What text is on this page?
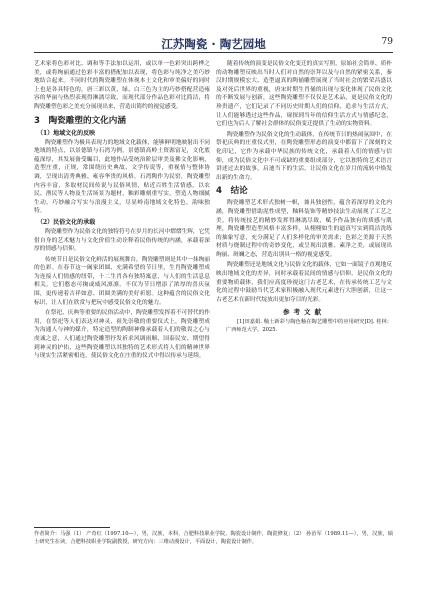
江苏陶瓷 · 陶艺园地	79

艺术家将色彩对比、调和等手法加以运用，或以单一色彩突出跨桦之美，或将绚丽通过色彩丰富的搭配加以表现，将色彩与纯净之美巧妙地结合起来。不同时代的陶瓷雕塑在体现本土文化和审美偏好的同时上也是各具特色的，唐三彩以黄、绿、白三色为主的巧妙搭配营造雍容的华丽与热烈表现得淋漓尽致，而现代部分作品色彩对比简洁，将陶瓷雕塑色彩之美充分展现出来，营造出简约的视觉感受。

3　陶瓷雕塑的文化内涵
（1）地域文化的反映

陶瓷雕塑作为极具表现力的地域文化载体，能够鲜明地映射出不同地域的特点，以景德镇与石湾为例，景德镇高岭土资源富足，文化底蕴深厚，其发展备受瞩目，此地作品受统治阶层审美及佛文化影响，造型庄重，正规，常围绕历史典故、文学传说等，重视情与整体协调，呈现出清秀典雅、雍容华贵的风格。石湾陶作为民窑，陶瓷雕塑内容丰富，多取材民间传说与民俗风情，贴近百姓生活情感，以农民、渔民等人物及生活场景为题材，釉彩雕刻重写实，塑造人物细腻生动，巧妙融合写实与浪漫主义，尽显岭南地域文化特色，韵味独特。

（2）民俗文化的承载

陶瓷雕塑作为民俗文化的独特符号在岁月的长河中熠熠生辉，它凭借自身的艺术魅力与文化价值生动诠释着民俗传统的内涵，承载着深厚的情感与信仰。

传统节日是民俗文化鲜活的展现舞台，陶瓷雕塑则是其中一抹绚丽的色彩。在春节这一阖家团圆、充满希望的节日里，生肖陶瓷雕塑成为连接人们情感的纽带，十二生肖各有独特寓意，与人们的生活息息相关，它们憨态可掬或威风凛凛，不仅为节日增添了浓厚的喜庆氛围，更传递着吉祥如意、团圆美满的美好祈愿。这种蕴含的民俗文化标识，让人们在欣赏与把玩中感受民俗文化的魅力。

在祭祀、庆典等重要的民俗活动中，陶瓷雕塑发挥着不可替代的作用，在祭祀等人们表达对神灵、祖先崇敬的重要仪式上，陶瓷雕塑成为沟通人与神的媒介，特定造型的陶制神像承载着人们的敬畏之心与虔诚之意，人们通过陶瓷雕塑抒发祈求风调雨顺、国泰民安、期望得到神灵的护佑，这些陶瓷雕塑以其独特的艺术形式将人们的精神世界与现实生活紧密相连，使民俗文化在庄重的仪式中得以传承与延续。

随着传统的演变是民俗文化变迁的真实写照，原始社会简单、质朴的动物雕塑反映出当时人们对自然的崇拜以及与自然的紧密关系，秦汉时期规模宏大、造型逼真的陶俑雕塑展现了当时社会的繁荣昌盛以及对死后世界的重视，唐宋时期生肖俑的出现与变化体现了民俗文化的不断发展与创新，这些陶瓷雕塑不仅仅是艺术品，更是民俗文化的珍贵遗产，它们记录了不同历史时期人们的信仰、追求与生活方式，让人们能够透过这些作品，窥探到当年的信仰生活方式与情感纪念，它们也为后人了解社会群体的民俗变迁提供了生动的实物资料。

陶瓷雕塑作为民俗文化的生动载体，在传统节日的热闹氛围中，在祭祀庆典的庄重仪式里，在陶瓷雕塑形态的演变中都留下了深刻的文化印记，它作为承载中华民族的传统文化，承载着人们的情感与信仰，成为民俗文化中不可或缺的重要组成部分，它以独特的艺术语言讲述过去的故事，启迪当下的生活，让民俗文化在岁月的流转中焕发出新的生命力。

4　结论

陶瓷雕塑艺术形式独树一帜，兼具独创性，蕴含着深厚的文化内涵，陶瓷雕塑借助泥性成型，釉料装饰等精妙技法生动展现了工艺之美，将传统技艺的精妙发挥得淋漓尽致，赋予作品独有的质感与肌理，陶瓷雕塑造型风格丰富多样，从栩栩如生的逼真写实到简洁洗练的抽象写意，充分满足了人们多样化的审美需求；色彩之美源于天然材质与烧制过程中的奇妙变化，或呈现出淡雅、素净之美，或展现出绚丽、斑斓之态，营造出别具一格的视觉感受。

陶瓷雕塑还是地域文化与民俗文化的载体，它如一面镜子直观地反映出地域文化的差异，同时承载着民间的情感与信仰，是民俗文化的重要物质载体，我们应高度珍视这门古老艺术，在传承传统工艺与文化的过程中鼓励当代艺术家积极融入现代元素进行大胆创新，让这一古老艺术在新时代绽放出更加夺目的光彩。

参考文献

[1]田嘉娟. 釉土新彩与陶色釉在陶艺雕塑中的应用研究[D]. 桂林：广西师范大学，2025.

作者简介：马强（1） 产奇红（1997.10—），男，汉族，本科，合肥科技职业学院，陶瓷设计制作，陶瓷修复；（2） 孙治军（1989.11—），男，汉族，硕士研究生在读，合肥科技职业学院副教授，研究方向：三维动漫设计，平面设计，陶瓷设计制作。
